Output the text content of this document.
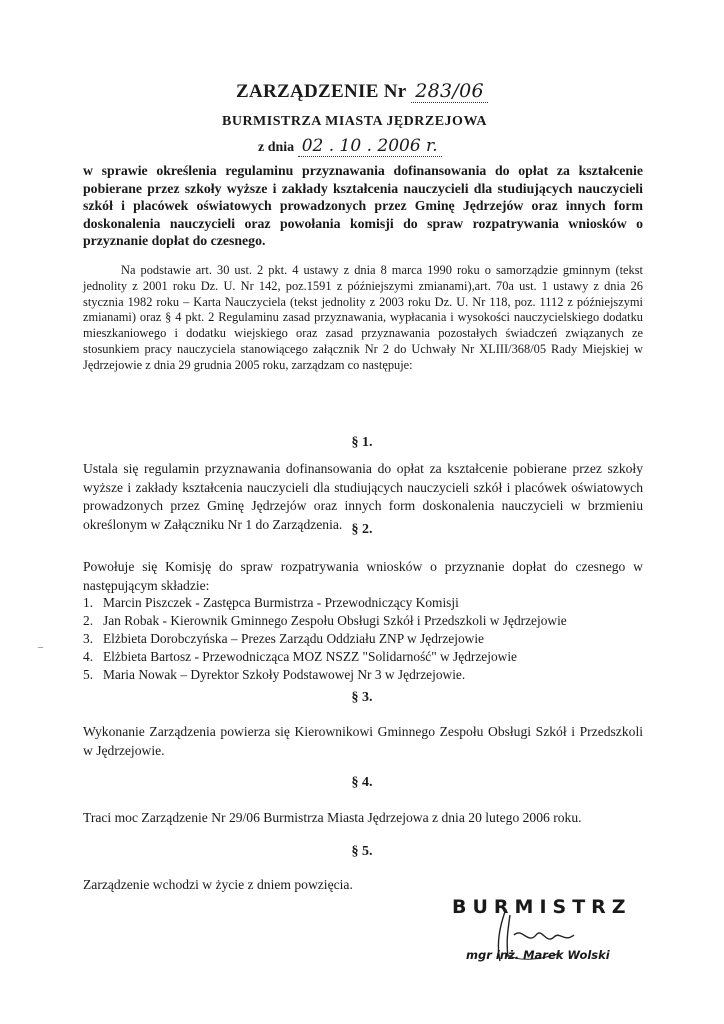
ZARZĄDZENIE Nr 283/06
BURMISTRZA MIASTA JĘDRZEJOWA
z dnia 02 . 10 . 2006 r.
w sprawie określenia regulaminu przyznawania dofinansowania do opłat za kształcenie pobierane przez szkoły wyższe i zakłady kształcenia nauczycieli dla studiujących nauczycieli szkół i placówek oświatowych prowadzonych przez Gminę Jędrzejów oraz innych form doskonalenia nauczycieli oraz powołania komisji do spraw rozpatrywania wniosków o przyznanie dopłat do czesnego.
Na podstawie art. 30 ust. 2 pkt. 4 ustawy z dnia 8 marca 1990 roku o samorządzie gminnym (tekst jednolity z 2001 roku Dz. U. Nr 142, poz.1591 z późniejszymi zmianami),art. 70a ust. 1 ustawy z dnia 26 stycznia 1982 roku – Karta Nauczyciela (tekst jednolity z 2003 roku Dz. U. Nr 118, poz. 1112 z późniejszymi zmianami) oraz § 4 pkt. 2 Regulaminu zasad przyznawania, wypłacania i wysokości nauczycielskiego dodatku mieszkaniowego i dodatku wiejskiego oraz zasad przyznawania pozostałych świadczeń związanych ze stosunkiem pracy nauczyciela stanowiącego załącznik Nr 2 do Uchwały Nr XLIII/368/05 Rady Miejskiej w Jędrzejowie z dnia 29 grudnia 2005 roku, zarządzam co następuje:
§ 1.
Ustala się regulamin przyznawania dofinansowania do opłat za kształcenie pobierane przez szkoły wyższe i zakłady kształcenia nauczycieli dla studiujących nauczycieli szkół i placówek oświatowych prowadzonych przez Gminę Jędrzejów oraz innych form doskonalenia nauczycieli w brzmieniu określonym w Załączniku Nr 1 do Zarządzenia. § 2.
Powołuje się Komisję do spraw rozpatrywania wniosków o przyznanie dopłat do czesnego w następującym składzie:
1. Marcin Piszczek - Zastępca Burmistrza - Przewodniczący Komisji
2. Jan Robak - Kierownik Gminnego Zespołu Obsługi Szkół i Przedszkoli w Jędrzejowie
3. Elżbieta Dorobczyńska – Prezes Zarządu Oddziału ZNP w Jędrzejowie
4. Elżbieta Bartosz - Przewodnicząca MOZ NSZZ "Solidarność" w Jędrzejowie
5. Maria Nowak – Dyrektor Szkoły Podstawowej Nr 3 w Jędrzejowie.
–
§ 3.
Wykonanie Zarządzenia powierza się Kierownikowi Gminnego Zespołu Obsługi Szkół i Przedszkoli w Jędrzejowie.
§ 4.
Traci moc Zarządzenie Nr 29/06 Burmistrza Miasta Jędrzejowa z dnia 20 lutego 2006 roku.
§ 5.
Zarządzenie wchodzi w życie z dniem powzięcia.
BURMISTRZ
mgr inż. Marek Wolski
